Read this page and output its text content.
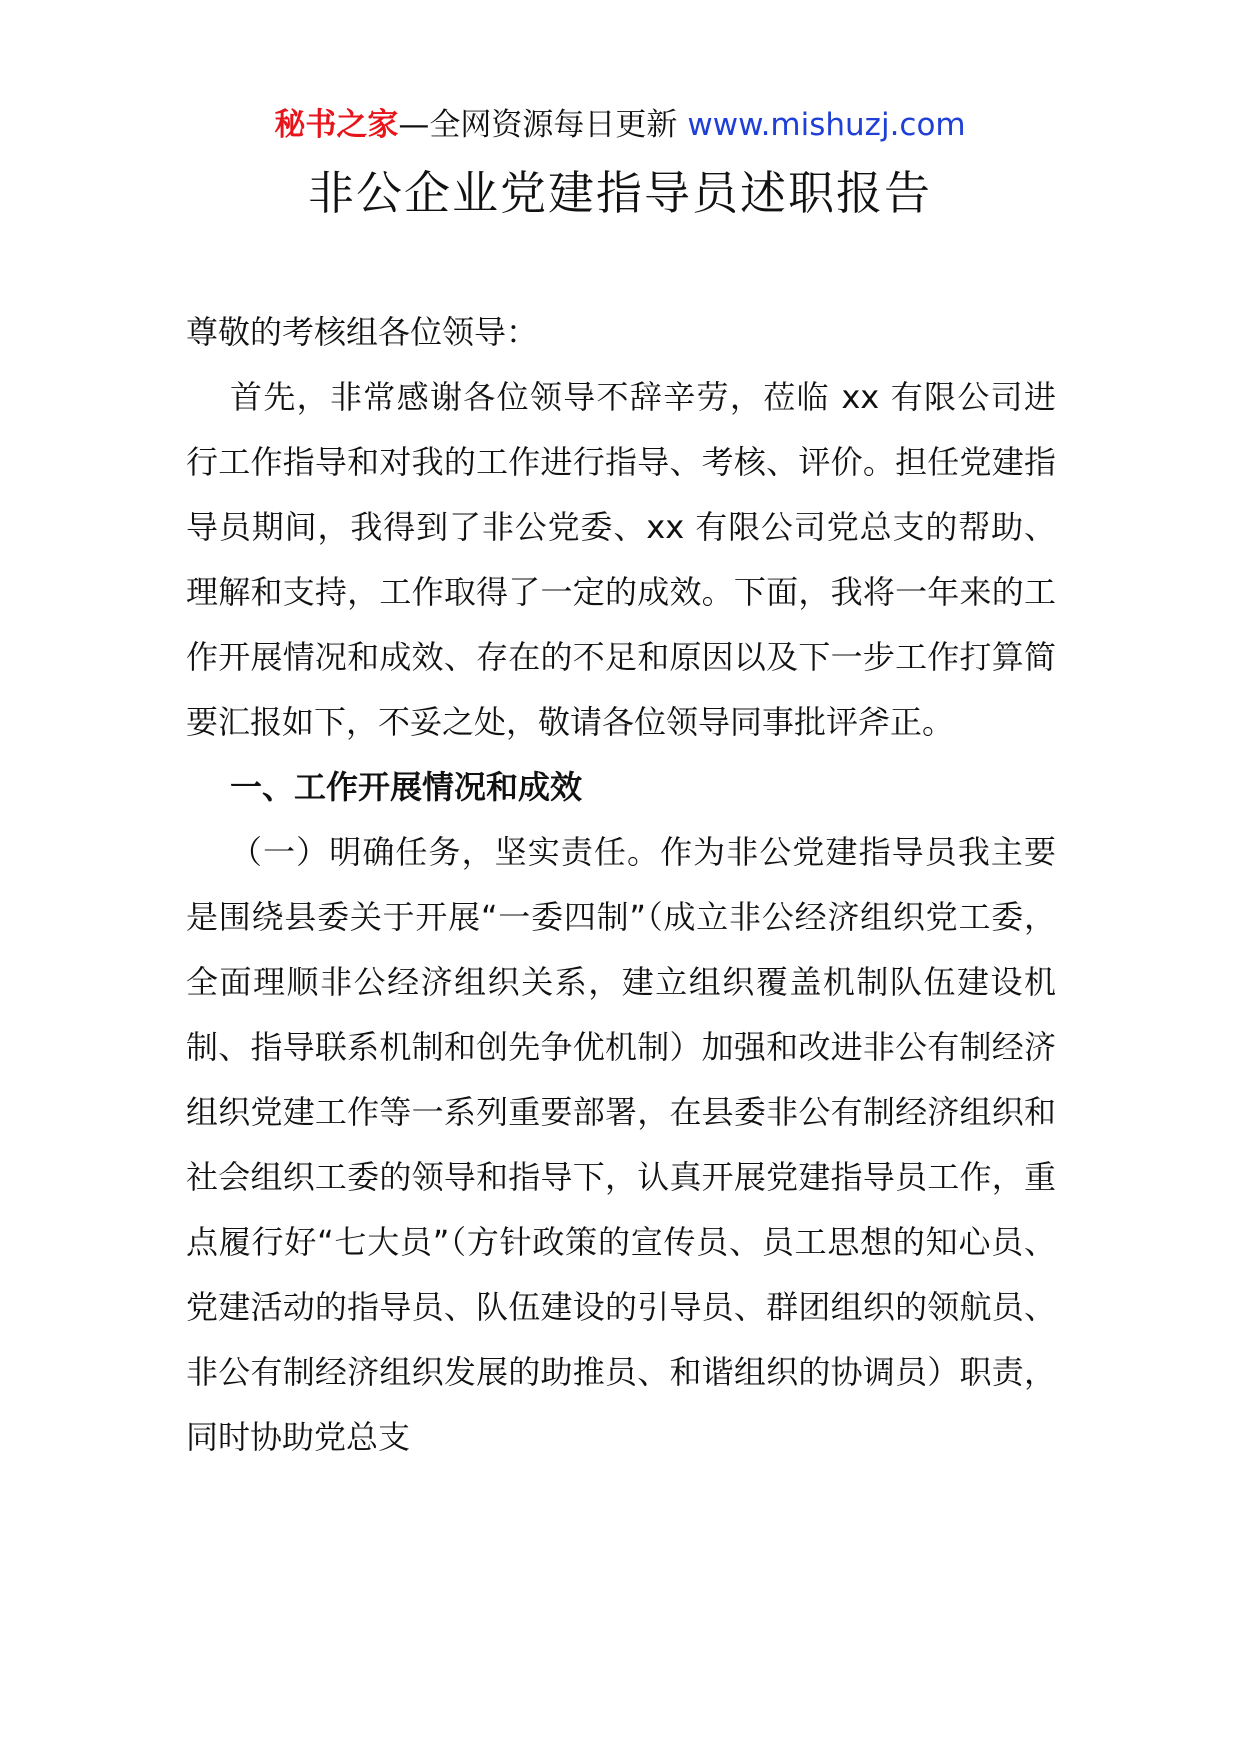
秘书之家—全网资源每日更新 www.mishuzj.com
非公企业党建指导员述职报告

尊敬的考核组各位领导：

首先，非常感谢各位领导不辞辛劳，莅临 xx 有限公司进行工作指导和对我的工作进行指导、考核、评价。担任党建指导员期间，我得到了非公党委、xx 有限公司党总支的帮助、理解和支持，工作取得了一定的成效。下面，我将一年来的工作开展情况和成效、存在的不足和原因以及下一步工作打算简要汇报如下，不妥之处，敬请各位领导同事批评斧正。

一、工作开展情况和成效

（一）明确任务，坚实责任。作为非公党建指导员我主要是围绕县委关于开展“一委四制”（成立非公经济组织党工委，全面理顺非公经济组织关系，建立组织覆盖机制队伍建设机制、指导联系机制和创先争优机制）加强和改进非公有制经济组织党建工作等一系列重要部署，在县委非公有制经济组织和社会组织工委的领导和指导下，认真开展党建指导员工作，重点履行好“七大员”（方针政策的宣传员、员工思想的知心员、党建活动的指导员、队伍建设的引导员、群团组织的领航员、非公有制经济组织发展的助推员、和谐组织的协调员）职责，同时协助党总支
